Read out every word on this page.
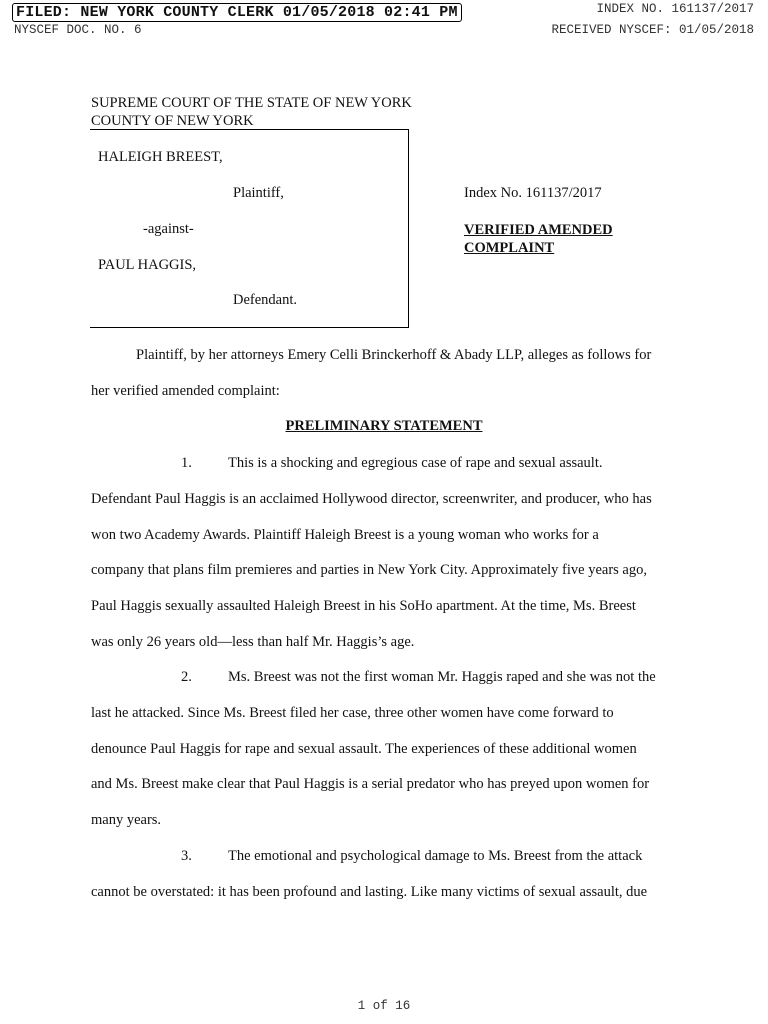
FILED: NEW YORK COUNTY CLERK 01/05/2018 02:41 PM	INDEX NO. 161137/2017
NYSCEF DOC. NO. 6	RECEIVED NYSCEF: 01/05/2018
SUPREME COURT OF THE STATE OF NEW YORK
COUNTY OF NEW YORK
HALEIGH BREEST,
Plaintiff,
-against-
PAUL HAGGIS,
Defendant.
Index No. 161137/2017
VERIFIED AMENDED COMPLAINT
Plaintiff, by her attorneys Emery Celli Brinckerhoff & Abady LLP, alleges as follows for
her verified amended complaint:
PRELIMINARY STATEMENT
1. This is a shocking and egregious case of rape and sexual assault.
Defendant Paul Haggis is an acclaimed Hollywood director, screenwriter, and producer, who has
won two Academy Awards. Plaintiff Haleigh Breest is a young woman who works for a
company that plans film premieres and parties in New York City. Approximately five years ago,
Paul Haggis sexually assaulted Haleigh Breest in his SoHo apartment. At the time, Ms. Breest
was only 26 years old—less than half Mr. Haggis’s age.
2. Ms. Breest was not the first woman Mr. Haggis raped and she was not the
last he attacked. Since Ms. Breest filed her case, three other women have come forward to
denounce Paul Haggis for rape and sexual assault. The experiences of these additional women
and Ms. Breest make clear that Paul Haggis is a serial predator who has preyed upon women for
many years.
3. The emotional and psychological damage to Ms. Breest from the attack
cannot be overstated: it has been profound and lasting. Like many victims of sexual assault, due
1 of 16
